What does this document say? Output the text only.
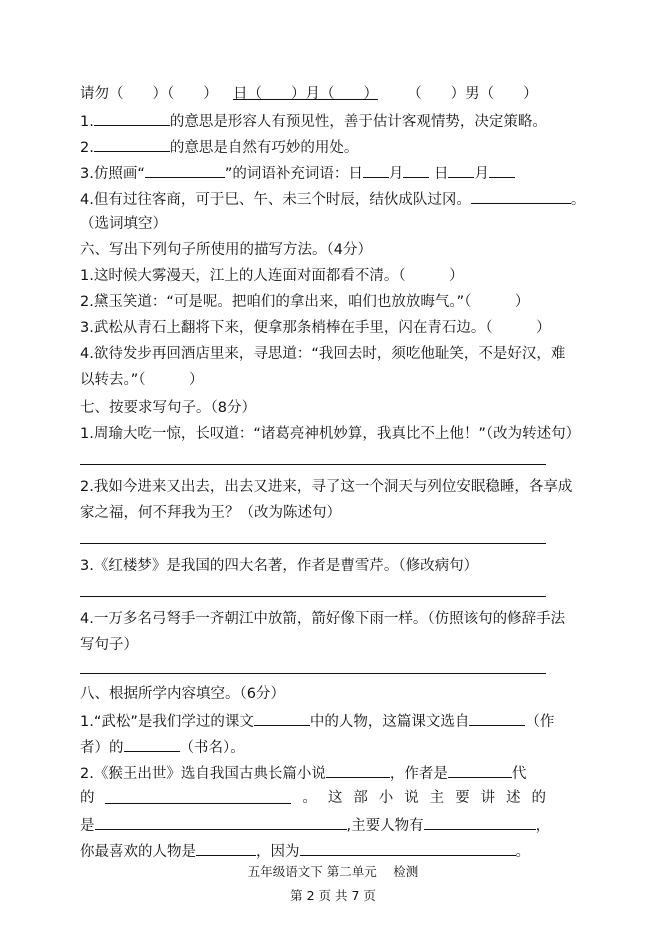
请勿（　　）（　　） 日（　　）月（　　） （　　）男（　　）
1.	的意思是形容人有预见性，善于估计客观情势，决定策略。
2.	的意思是自然有巧妙的用处。
3.仿照画“	”的词语补充词语：日 月 日 月
4.但有过往客商，可于巳、午、未三个时辰，结伙成队过冈。	。
（选词填空）
六、写出下列句子所使用的描写方法。（4分）
1.这时候大雾漫天，江上的人连面对面都看不清。（　　　）
2.黛玉笑道：“可是呢。把咱们的拿出来，咱们也放放晦气。”（　　　）
3.武松从青石上翻将下来，便拿那条梢棒在手里，闪在青石边。（　　　）
4.欲待发步再回酒店里来，寻思道：“我回去时，须吃他耻笑，不是好汉，难
以转去。”（　　　）
七、按要求写句子。（8分）
1.周瑜大吃一惊，长叹道：“诸葛亮神机妙算，我真比不上他！”（改为转述句）
2.我如今进来又出去，出去又进来，寻了这一个洞天与列位安眠稳睡，各享成
家之福，何不拜我为王？（改为陈述句）
3.《红楼梦》是我国的四大名著，作者是曹雪芹。（修改病句）
4.一万多名弓弩手一齐朝江中放箭，箭好像下雨一样。（仿照该句的修辞手法
写句子）
八、根据所学内容填空。（6分）
1.“武松”是我们学过的课文	中的人物，这篇课文选自	（作
者）的	（书名）。
2.《猴王出世》选自我国古典长篇小说	，作者是	代
的	。 这 部 小 说 主 要 讲 述 的
是	,主要人物有	，
你最喜欢的人物是	，因为	。
五年级语文下 第二单元　 检测
第 2 页 共 7 页
